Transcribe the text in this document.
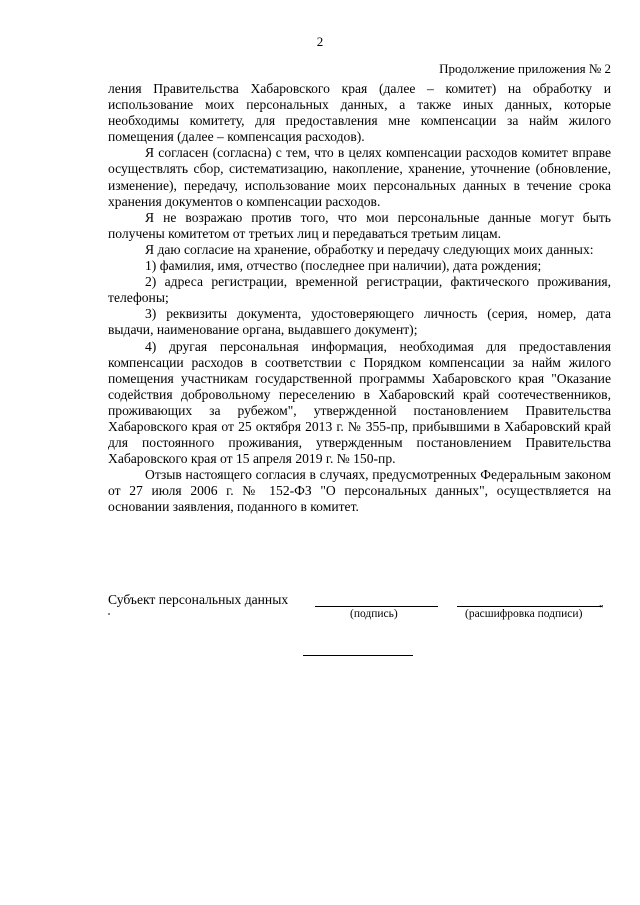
2
Продолжение приложения № 2

ления Правительства Хабаровского края (далее – комитет) на обработку и использование моих персональных данных, а также иных данных, которые необходимы комитету, для предоставления мне компенсации за найм жилого помещения (далее – компенсация расходов).

Я согласен (согласна) с тем, что в целях компенсации расходов комитет вправе осуществлять сбор, систематизацию, накопление, хранение, уточнение (обновление, изменение), передачу, использование моих персональных данных в течение срока хранения документов о компенсации расходов.

Я не возражаю против того, что мои персональные данные могут быть получены комитетом от третьих лиц и передаваться третьим лицам.

Я даю согласие на хранение, обработку и передачу следующих моих данных:

1) фамилия, имя, отчество (последнее при наличии), дата рождения;

2) адреса регистрации, временной регистрации, фактического проживания, телефоны;

3) реквизиты документа, удостоверяющего личность (серия, номер, дата выдачи, наименование органа, выдавшего документ);

4) другая персональная информация, необходимая для предоставления компенсации расходов в соответствии с Порядком компенсации за найм жилого помещения участникам государственной программы Хабаровского края "Оказание содействия добровольному переселению в Хабаровский край соотечественников, проживающих за рубежом", утвержденной постановлением Правительства Хабаровского края от 25 октября 2013 г. № 355-пр, прибывшими в Хабаровский край для постоянного проживания, утвержденным постановлением Правительства Хабаровского края от 15 апреля 2019 г. № 150-пр.

Отзыв настоящего согласия в случаях, предусмотренных Федеральным законом от 27 июля 2006 г. № 152-ФЗ "О персональных данных", осуществляется на основании заявления, поданного в комитет.

Субъект персональных данных
(подпись)	(расшифровка подписи) "
